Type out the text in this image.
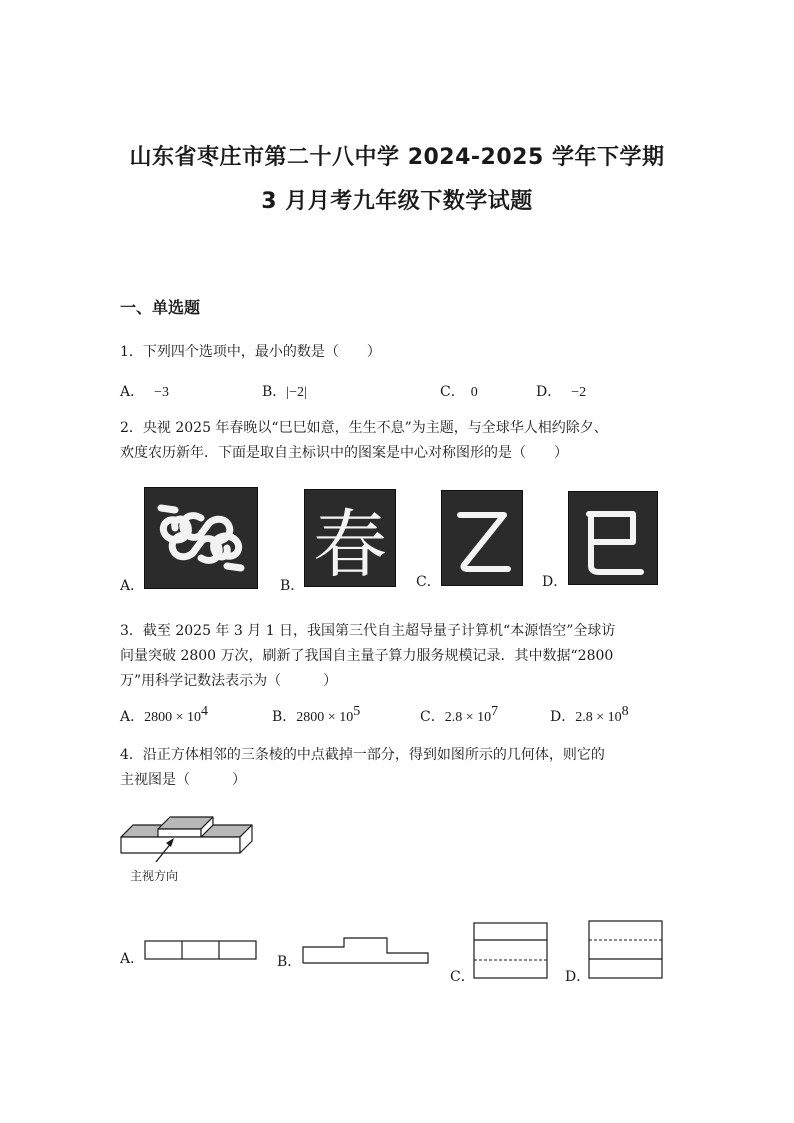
山东省枣庄市第二十八中学 2024-2025 学年下学期
3 月月考九年级下数学试题
一、单选题
1．下列四个选项中，最小的数是（　　）
A． −3	B．|−2|	C． 0	D． −2
2．央视 2025 年春晚以“巳巳如意，生生不息”为主题，与全球华人相约除夕、
欢度农历新年．下面是取自主标识中的图案是中心对称图形的是（　　）
A．	B． 春 C．	D．
3．截至 2025 年 3 月 1 日，我国第三代自主超导量子计算机“本源悟空”全球访
问量突破 2800 万次，刷新了我国自主量子算力服务规模记录．其中数据“2800
万”用科学记数法表示为（　　　）
A．$2800 \times 10^4$	B．$2800 \times 10^5$	C．$2.8 \times 10^7$	D．$2.8 \times 10^8$
4．沿正方体相邻的三条棱的中点截掉一部分，得到如图所示的几何体，则它的
主视图是（　　　）
主视方向
A．	B．
C．	D．
